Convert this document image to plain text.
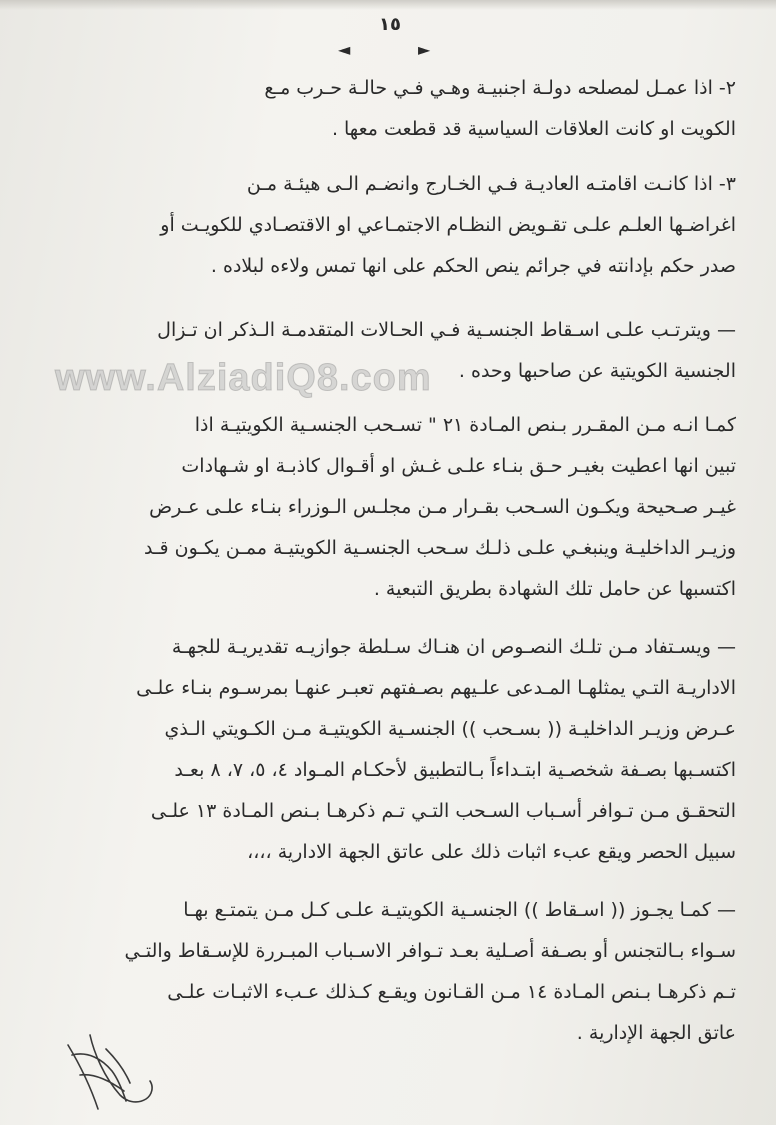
١٥
◄	►
٢- اذا عمـل لمصلحه دولـة اجنبيـة وهـي فـي حالـة حـرب مـع
الكويت او كانت العلاقات السياسية قد قطعت معها .
٣- اذا كانـت اقامتـه العاديـة فـي الخـارج وانضـم الـى هيئـة مـن
اغراضـها العلـم علـى تقـويض النظـام الاجتمـاعي او الاقتصـادي للكويـت أو
صدر حكم بإدانته في جرائم ينص الحكم على انها تمس ولاءه لبلاده .
— ويترتـب علـى اسـقاط الجنسـية فـي الحـالات المتقدمـة الـذكر ان تـزال
الجنسية الكويتية عن صاحبها وحده .
كمـا انـه مـن المقـرر بـنص المـادة ٢١ " تسـحب الجنسـية الكويتيـة اذا
تبين انها اعطيت بغيـر حـق بنـاء علـى غـش او أقـوال كاذبـة او شـهادات
غيـر صـحيحة ويكـون السـحب بقـرار مـن مجلـس الـوزراء بنـاء علـى عـرض
وزيـر الداخليـة وينبغـي علـى ذلـك سـحب الجنسـية الكويتيـة ممـن يكـون قـد
اكتسبها عن حامل تلك الشهادة بطريق التبعية .
— ويسـتفاد مـن تلـك النصـوص ان هنـاك سـلطة جوازيـه تقديريـة للجهـة
الاداريـة التـي يمثلهـا المـدعى علـيهم بصـفتهم تعبـر عنهـا بمرسـوم بنـاء علـى
عـرض وزيـر الداخليـة (( بسـحب )) الجنسـية الكويتيـة مـن الكـويتي الـذي
اكتسـبها بصـفة شخصـية ابتـداءاً بـالتطبيق لأحكـام المـواد ٤، ٥، ٧، ٨ بعـد
التحقـق مـن تـوافر أسـباب السـحب التـي تـم ذكرهـا بـنص المـادة ١٣ علـى
سبيل الحصر ويقع عبء اثبات ذلك على عاتق الجهة الادارية ،،،،
— كمـا يجـوز (( اسـقاط )) الجنسـية الكويتيـة علـى كـل مـن يتمتـع بهـا
سـواء بـالتجنس أو بصـفة أصـلية بعـد تـوافر الاسـباب المبـررة للإسـقاط والتـي
تـم ذكرهـا بـنص المـادة ١٤ مـن القـانون ويقـع كـذلك عـبء الاثبـات علـى
عاتق الجهة الإدارية .
www.AlziadiQ8.com
